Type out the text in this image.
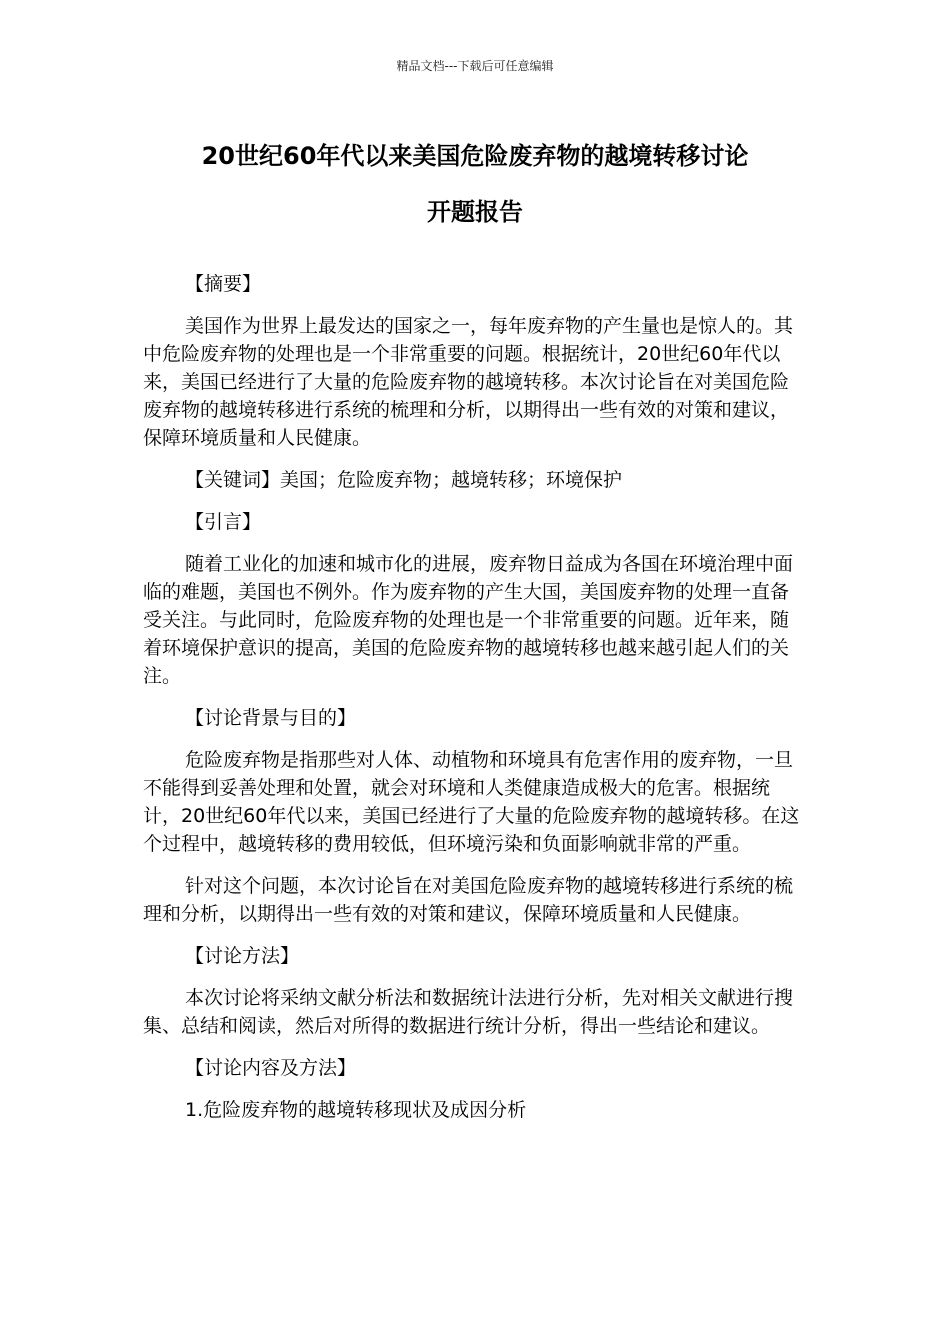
精品文档---下载后可任意编辑
20世纪60年代以来美国危险废弃物的越境转移讨论
开题报告
【摘要】

美国作为世界上最发达的国家之一，每年废弃物的产生量也是惊人的。其中危险废弃物的处理也是一个非常重要的问题。根据统计，20世纪60年代以来，美国已经进行了大量的危险废弃物的越境转移。本次讨论旨在对美国危险废弃物的越境转移进行系统的梳理和分析，以期得出一些有效的对策和建议，保障环境质量和人民健康。

【关键词】美国；危险废弃物；越境转移；环境保护
【引言】

随着工业化的加速和城市化的进展，废弃物日益成为各国在环境治理中面临的难题，美国也不例外。作为废弃物的产生大国，美国废弃物的处理一直备受关注。与此同时，危险废弃物的处理也是一个非常重要的问题。近年来，随着环境保护意识的提高，美国的危险废弃物的越境转移也越来越引起人们的关注。

【讨论背景与目的】

危险废弃物是指那些对人体、动植物和环境具有危害作用的废弃物，一旦不能得到妥善处理和处置，就会对环境和人类健康造成极大的危害。根据统计，20世纪60年代以来，美国已经进行了大量的危险废弃物的越境转移。在这个过程中，越境转移的费用较低，但环境污染和负面影响就非常的严重。

针对这个问题，本次讨论旨在对美国危险废弃物的越境转移进行系统的梳理和分析，以期得出一些有效的对策和建议，保障环境质量和人民健康。

【讨论方法】

本次讨论将采纳文献分析法和数据统计法进行分析，先对相关文献进行搜集、总结和阅读，然后对所得的数据进行统计分析，得出一些结论和建议。

【讨论内容及方法】
1.危险废弃物的越境转移现状及成因分析
